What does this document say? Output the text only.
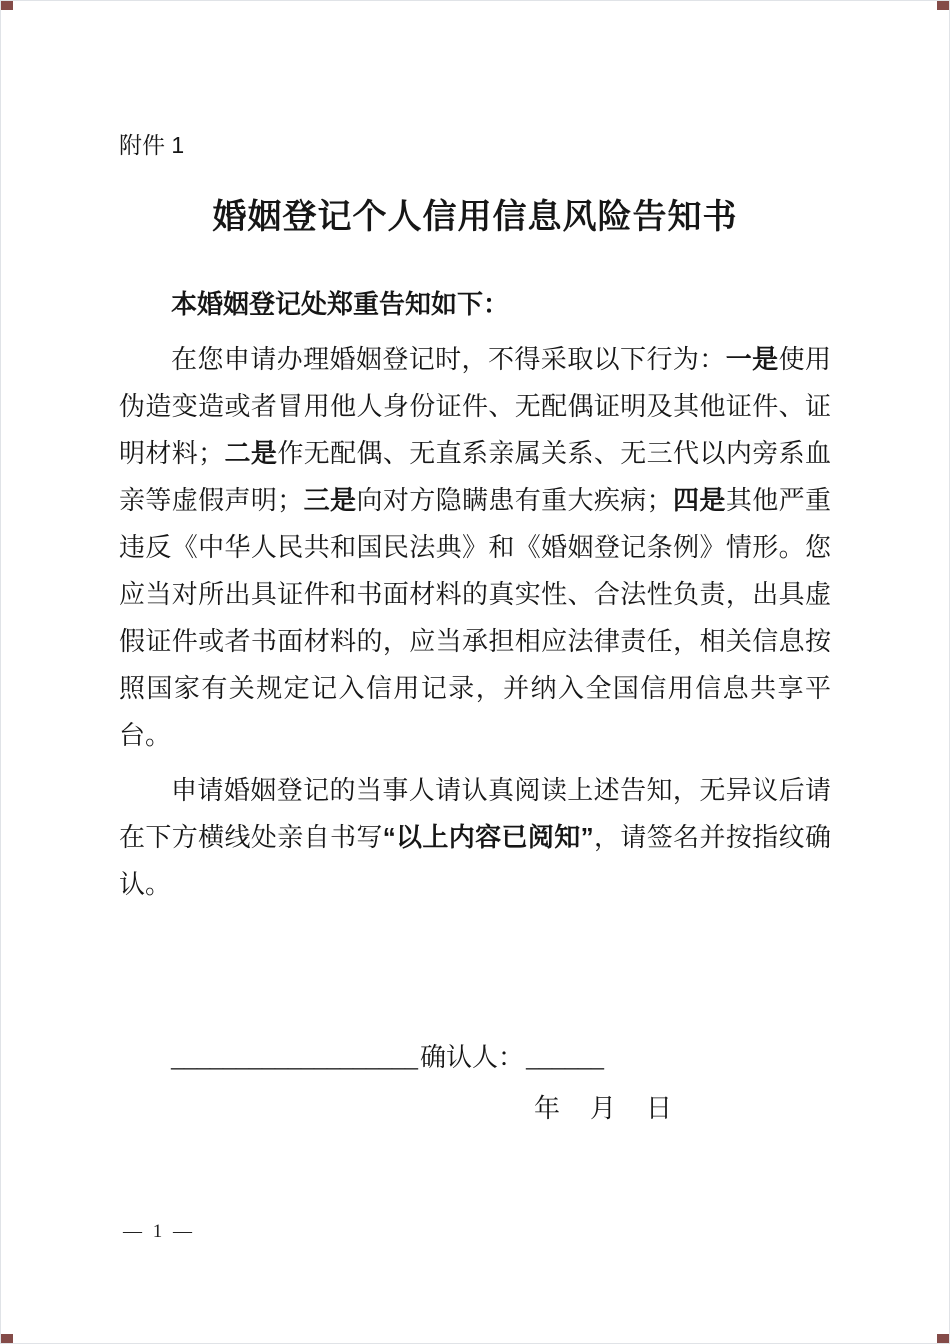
附件 1
婚姻登记个人信用信息风险告知书

本婚姻登记处郑重告知如下：

在您申请办理婚姻登记时，不得采取以下行为：一是使用伪造变造或者冒用他人身份证件、无配偶证明及其他证件、证明材料；二是作无配偶、无直系亲属关系、无三代以内旁系血亲等虚假声明；三是向对方隐瞒患有重大疾病；四是其他严重违反《中华人民共和国民法典》和《婚姻登记条例》情形。您应当对所出具证件和书面材料的真实性、合法性负责，出具虚假证件或者书面材料的，应当承担相应法律责任，相关信息按照国家有关规定记入信用记录，并纳入全国信用信息共享平台。

申请婚姻登记的当事人请认真阅读上述告知，无异议后请在下方横线处亲自书写“以上内容已阅知”，请签名并按指纹确认。

___________________确认人：______
年　月　日
— 1 —
